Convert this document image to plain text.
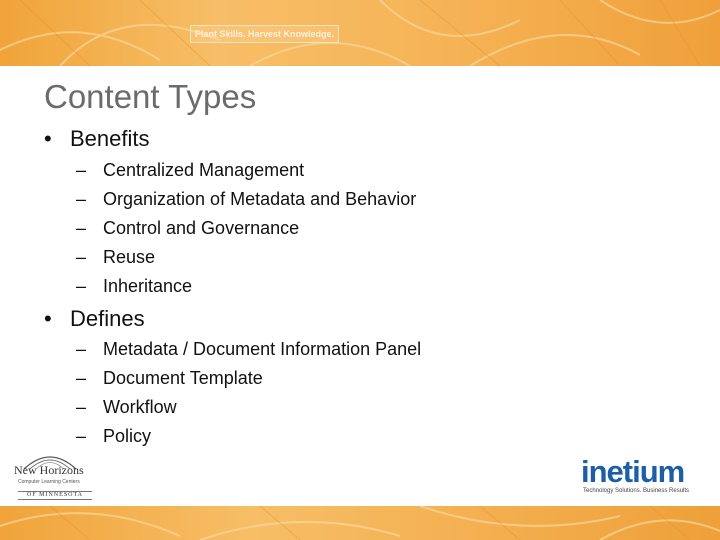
Plant Skills. Harvest Knowledge.
Content Types
• Benefits
– Centralized Management
– Organization of Metadata and Behavior
– Control and Governance
– Reuse
– Inheritance
• Defines
– Metadata / Document Information Panel
– Document Template
– Workflow
– Policy
New Horizons
Computer Learning Centers
OF MINNESOTA
inetium
Technology Solutions. Business Results
